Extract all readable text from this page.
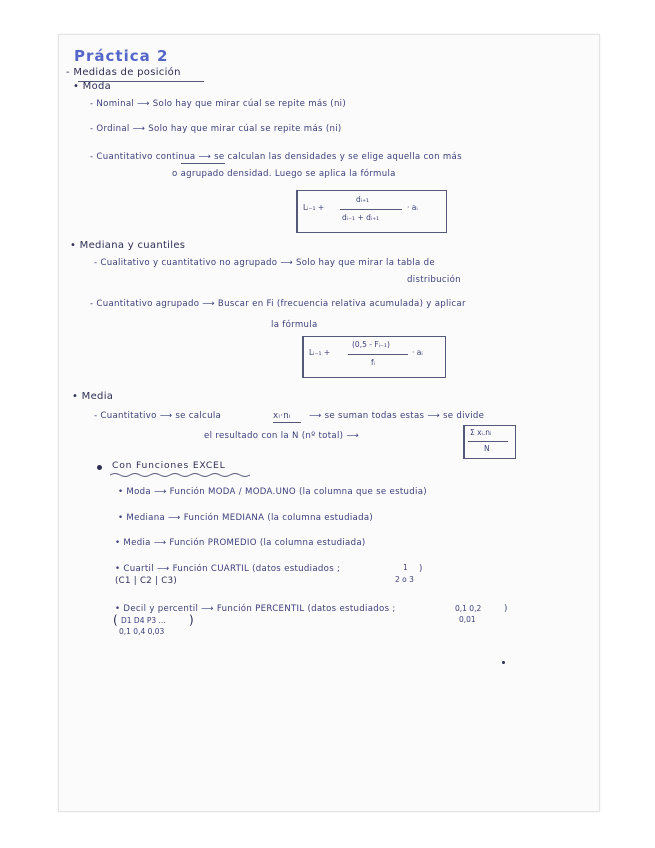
Práctica 2
- Medidas de posición
• Moda
- Nominal ⟶ Solo hay que mirar cúal se repite más (ni)
- Ordinal ⟶ Solo hay que mirar cúal se repite más (ni)
- Cuantitativo continua ⟶ se calculan las densidades y se elige aquella con más
o agrupado densidad. Luego se aplica la fórmula
Lᵢ₋₁ +
dᵢ₊₁
dᵢ₋₁ + dᵢ₊₁
· aᵢ
• Mediana y cuantiles
- Cualitativo y cuantitativo no agrupado ⟶ Solo hay que mirar la tabla de
distribución
- Cuantitativo agrupado ⟶ Buscar en Fi (frecuencia relativa acumulada) y aplicar
la fórmula
Lᵢ₋₁ +
(0,5 - Fᵢ₋₁)
fᵢ
· aᵢ
• Media
- Cuantitativo ⟶ se calcula	xᵢ·nᵢ ⟶ se suman todas estas ⟶ se divide
el resultado con la N (nº total) ⟶	Σ xᵢ.nᵢ
N
Con Funciones EXCEL
• Moda ⟶ Función MODA / MODA.UNO (la columna que se estudia)
• Mediana ⟶ Función MEDIANA (la columna estudiada)
• Media ⟶ Función PROMEDIO (la columna estudiada)
• Cuartil ⟶ Función CUARTIL (datos estudiados ;	1
2 o 3
)
(C1 | C2 | C3)
• Decil y percentil ⟶ Función PERCENTIL (datos estudiados ;	0,1 0,2
0,01
)
(	)
D1 D4 P3 ...
0,1 0,4 0,03
